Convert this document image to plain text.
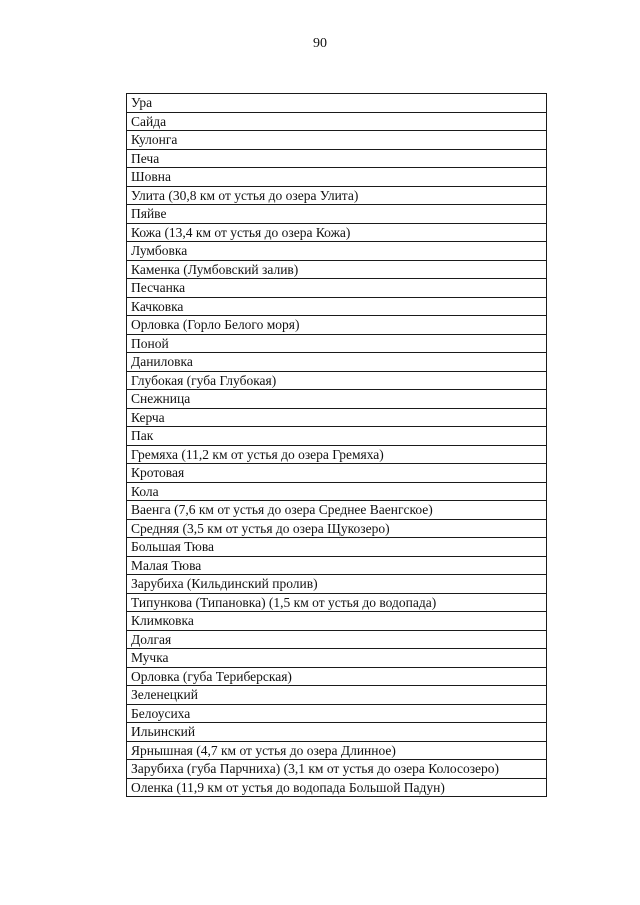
90
Ура
Сайда
Кулонга
Печа
Шовна
Улита (30,8 км от устья до озера Улита)
Пяйве
Кожа (13,4 км от устья до озера Кожа)
Лумбовка
Каменка (Лумбовский залив)
Песчанка
Качковка
Орловка (Горло Белого моря)
Поной
Даниловка
Глубокая (губа Глубокая)
Снежница
Керча
Пак
Гремяха (11,2 км от устья до озера Гремяха)
Кротовая
Кола
Ваенга (7,6 км от устья до озера Среднее Ваенгское)
Средняя (3,5 км от устья до озера Щукозеро)
Большая Тюва
Малая Тюва
Зарубиха (Кильдинский пролив)
Типункова (Типановка) (1,5 км от устья до водопада)
Климковка
Долгая
Мучка
Орловка (губа Териберская)
Зеленецкий
Белоусиха
Ильинский
Ярнышная (4,7 км от устья до озера Длинное)
Зарубиха (губа Парчниха) (3,1 км от устья до озера Колосозеро)
Оленка (11,9 км от устья до водопада Большой Падун)
